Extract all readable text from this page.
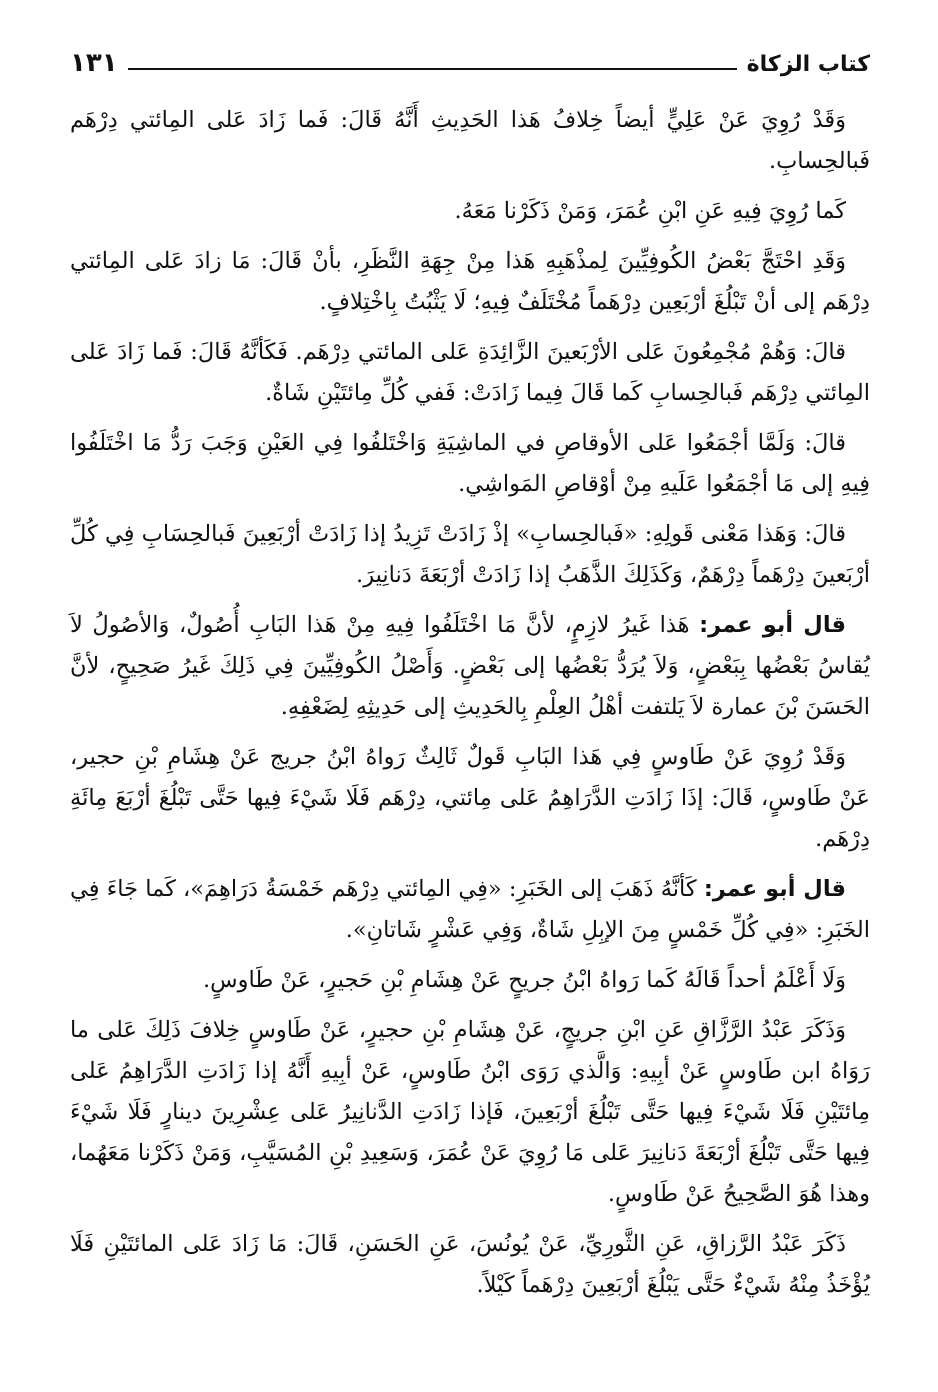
كتاب الزكاة
١٣١

وَقَدْ رُوِيَ عَنْ عَلِيٍّ أيضاً خِلافُ هَذا الحَدِيثِ أَنَّهُ قَالَ: فَما زَادَ عَلى المِائتي دِرْهَم فَبالحِسابِ.

كَما رُوِيَ فِيهِ عَنِ ابْنِ عُمَرَ، وَمَنْ ذَكَرْنا مَعَهُ.

وَقَدِ احْتَجَّ بَعْضُ الكُوفِيِّينَ لِمذْهَبِهِ هَذا مِنْ جِهَةِ النَّظَرِ، بأنْ قَالَ: مَا زادَ عَلى المِائتي دِرْهَم إلى أنْ تَبْلُغَ أرْبَعِين دِرْهَماً مُخْتَلَفٌ فِيهِ؛ لَا يَثْبُتُ بِاخْتِلافٍ.

قالَ: وَهُمْ مُجْمِعُونَ عَلى الأرْبَعينَ الزَّائِدَةِ عَلى المائتي دِرْهَم. فَكَأنَّهُ قَالَ: فَما زَادَ عَلى المِائتي دِرْهَم فَبالحِسابِ كَما قَالَ فِيما زَادَتْ: فَفي كُلِّ مِائتَيْنِ شَاةٌ.

قالَ: وَلَمَّا أجْمَعُوا عَلى الأوقاصِ في الماشِيَةِ وَاخْتَلفُوا فِي العَيْنِ وَجَبَ رَدُّ مَا اخْتَلَفُوا فِيهِ إلى مَا أجْمَعُوا عَلَيهِ مِنْ أوْقاصِ المَواشِي.

قالَ: وَهَذا مَعْنى قَولِهِ: «فَبالحِسابِ» إذْ زَادَتْ تَزِيدُ إذا زَادَتْ أرْبَعِينَ فَبالحِسَابِ فِي كُلِّ أرْبَعينَ دِرْهَماً دِرْهَمٌ، وَكَذَلِكَ الذَّهَبُ إذا زَادَتْ أرْبَعَةَ دَنانِيرَ.

قال أبو عمر: هَذا غَيرُ لازِمٍ، لأنَّ مَا اخْتَلَفُوا فِيهِ مِنْ هَذا البَابِ أُصُولٌ، وَالأصُولُ لاَ يُقاسُ بَعْضُها بِبَعْضٍ، وَلاَ يُرَدُّ بَعْضُها إلى بَعْضٍ. وَأَصْلُ الكُوفِيِّينَ فِي ذَلِكَ غَيرُ صَحِيحٍ، لأنَّ الحَسَنَ بْنَ عمارة لاَ يَلتفت أهْلُ العِلْمِ بِالحَدِيثِ إلى حَدِيثِهِ لِضَعْفِهِ.

وَقَدْ رُوِيَ عَنْ طَاوسٍ فِي هَذا البَابِ قَولٌ ثَالِثٌ رَواهُ ابْنُ جريج عَنْ هِشَامِ بْنِ حجير، عَنْ طَاوسٍ، قَالَ: إذَا زَادَتِ الدَّرَاهِمُ عَلى مِائتي، دِرْهَم فَلَا شَيْءَ فِيها حَتَّى تَبْلُغَ أرْبَعَ مِائَةِ دِرْهَم.

قال أبو عمر: كَأنَّهُ ذَهَبَ إلى الخَبَرِ: «فِي المِائتي دِرْهَم خَمْسَةُ دَرَاهِمَ»، كَما جَاءَ فِي الخَبَرِ: «فِي كُلِّ خَمْسٍ مِنَ الإبِلِ شَاةٌ، وَفِي عَشْرٍ شَاتانِ».

وَلَا أَعْلَمُ أحداً قَالَهُ كَما رَواهُ ابْنُ جريحٍ عَنْ هِشَامِ بْنِ حَجيرٍ، عَنْ طَاوسٍ.

وَذَكَرَ عَبْدُ الرَّزَّاقِ عَنِ ابْنِ جريجٍ، عَنْ هِشَامِ بْنِ حجيرٍ، عَنْ طَاوسٍ خِلافَ ذَلِكَ عَلى ما رَوَاهُ ابن طَاوسٍ عَنْ أبِيهِ: وَالَّذي رَوَى ابْنُ طَاوسٍ، عَنْ أبِيهِ أَنَّهُ إذا زَادَتِ الدَّرَاهِمُ عَلى مِائتَيْنِ فَلَا شَيْءَ فِيها حَتَّى تَبْلُغَ أرْبَعِينَ، فَإذا زَادَتِ الدَّنانِيرُ عَلى عِشْرِينَ دينارٍ فَلَا شَيْءَ فِيها حَتَّى تَبْلُغَ أرْبَعَةَ دَنانِيرَ عَلى مَا رُوِيَ عَنْ عُمَرَ، وَسَعِيدِ بْنِ المُسَيَّبِ، وَمَنْ ذَكَرْنا مَعَهُما، وهذا هُوَ الصَّحِيحُ عَنْ طَاوسٍ.

ذَكَرَ عَبْدُ الرَّزاقِ، عَنِ الثَّورِيِّ، عَنْ يُونُسَ، عَنِ الحَسَنِ، قَالَ: مَا زَادَ عَلى المائتَيْنِ فَلَا يُؤْخَذُ مِنْهُ شَيْءٌ حَتَّى يَبْلُغَ أرْبَعِينَ دِرْهَماً كَيْلاً.
